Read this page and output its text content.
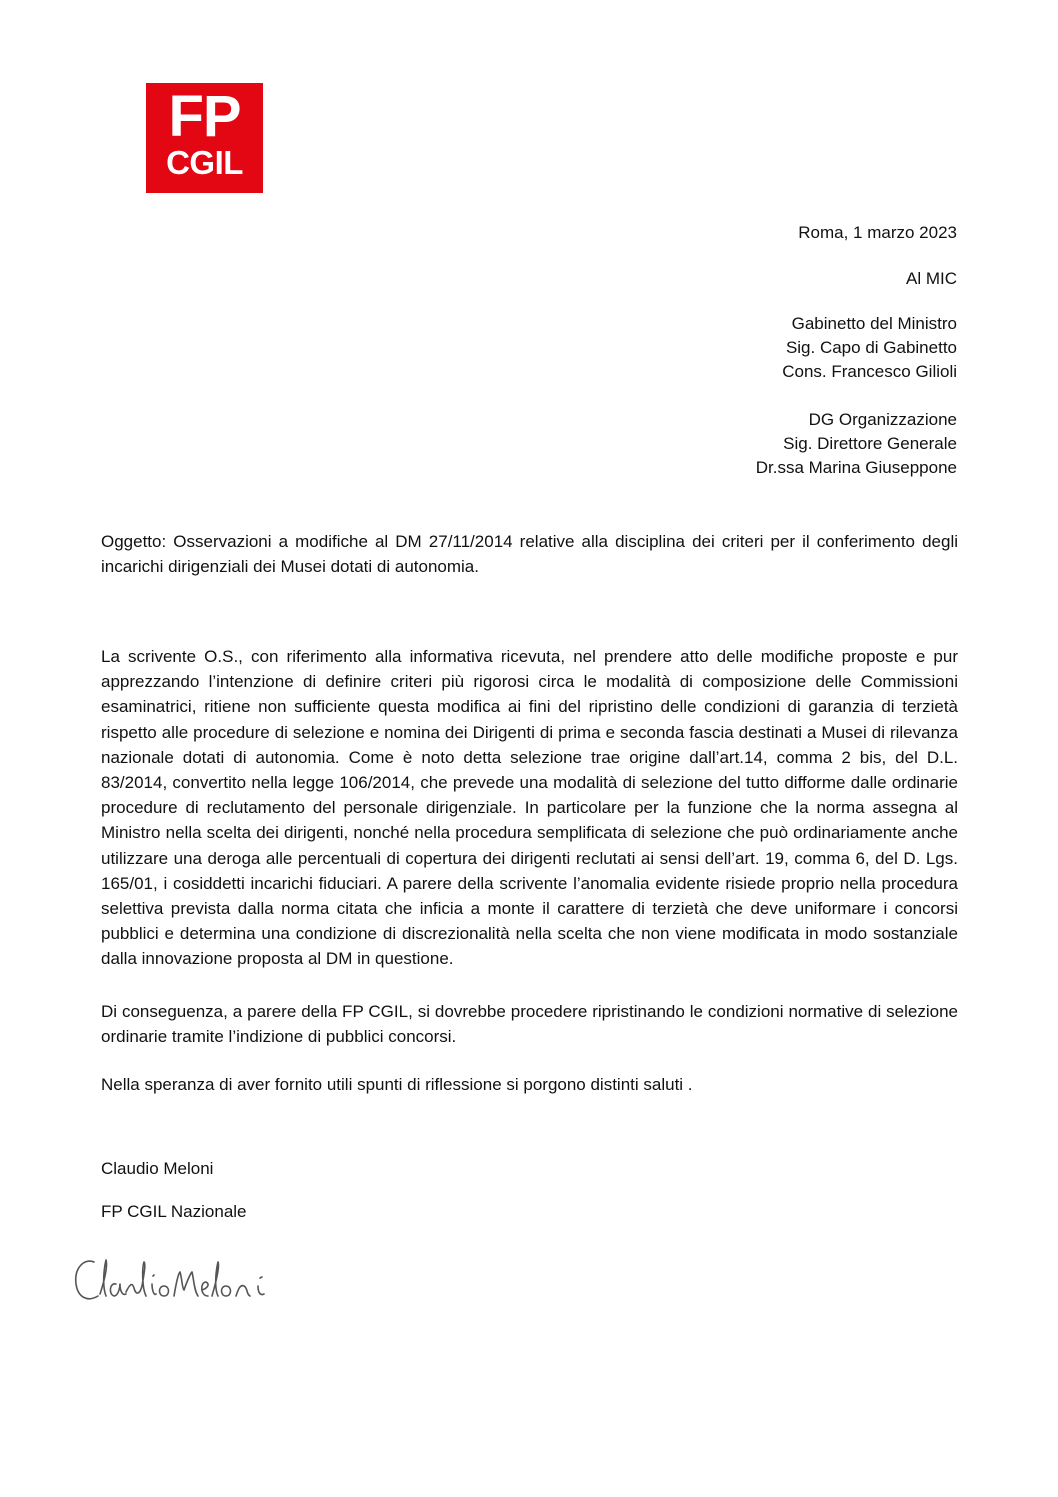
FP
CGIL
Roma, 1 marzo 2023
Al MIC
Gabinetto del Ministro
Sig. Capo di Gabinetto
Cons. Francesco Gilioli
DG Organizzazione
Sig. Direttore Generale
Dr.ssa Marina Giuseppone
Oggetto: Osservazioni a modifiche al DM 27/11/2014 relative alla disciplina dei criteri per il conferimento degli incarichi dirigenziali dei Musei dotati di autonomia.
La scrivente O.S., con riferimento alla informativa ricevuta, nel prendere atto delle modifiche proposte e pur apprezzando l’intenzione di definire criteri più rigorosi circa le modalità di composizione delle Commissioni esaminatrici, ritiene non sufficiente questa modifica ai fini del ripristino delle condizioni di garanzia di terzietà rispetto alle procedure di selezione e nomina dei Dirigenti di prima e seconda fascia destinati a Musei di rilevanza nazionale dotati di autonomia. Come è noto detta selezione trae origine dall’art.14, comma 2 bis, del D.L. 83/2014, convertito nella legge 106/2014, che prevede una modalità di selezione del tutto difforme dalle ordinarie procedure di reclutamento del personale dirigenziale. In particolare per la funzione che la norma assegna al Ministro nella scelta dei dirigenti, nonché nella procedura semplificata di selezione che può ordinariamente anche utilizzare una deroga alle percentuali di copertura dei dirigenti reclutati ai sensi dell’art. 19, comma 6, del D. Lgs. 165/01, i cosiddetti incarichi fiduciari. A parere della scrivente l’anomalia evidente risiede proprio nella procedura selettiva prevista dalla norma citata che inficia a monte il carattere di terzietà che deve uniformare i concorsi pubblici e determina una condizione di discrezionalità nella scelta che non viene modificata in modo sostanziale dalla innovazione proposta al DM in questione.
Di conseguenza, a parere della FP CGIL, si dovrebbe procedere ripristinando le condizioni normative di selezione ordinarie tramite l’indizione di pubblici concorsi.
Nella speranza di aver fornito utili spunti di riflessione si porgono distinti saluti .
Claudio Meloni
FP CGIL Nazionale
